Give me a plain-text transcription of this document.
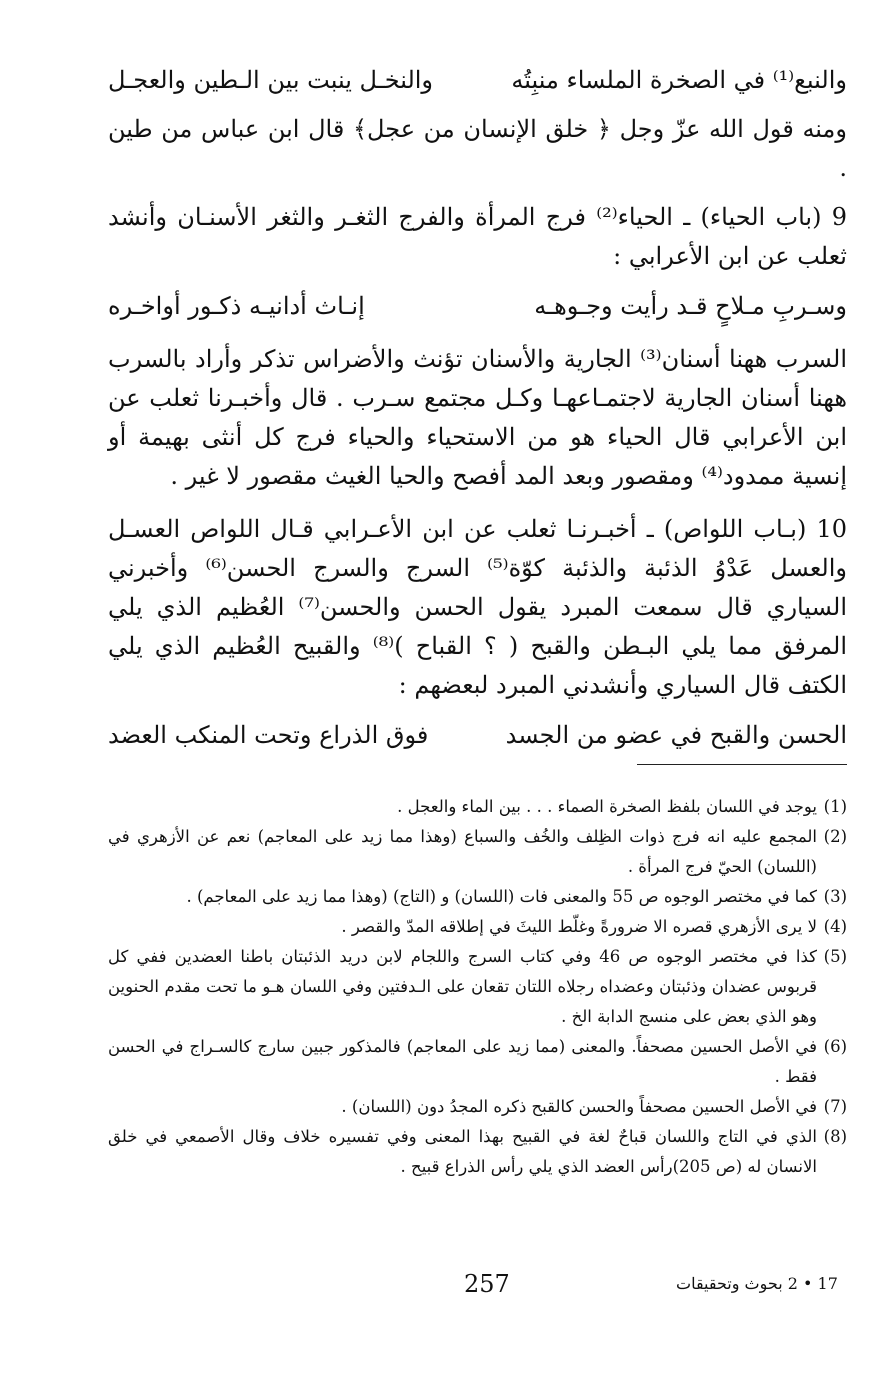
والنبع⁽¹⁾ في الصخرة الملساء منبِتُه
والنخـل ينبت بين الـطين والعجـل

ومنه قول الله عزّ وجل ﴿ خلق الإنسان من عجل﴾ قال ابن عباس من طين .

9 (باب الحياء) ـ الحياء⁽²⁾ فرج المرأة والفرج الثغـر والثغر الأسنـان وأنشد ثعلب عن ابن الأعرابي :

وسـربِ مـلاحٍ قـد رأيت وجـوهـه
إنـاث أدانيـه ذكـور أواخـره

السرب ههنا أسنان⁽³⁾ الجارية والأسنان تؤنث والأضراس تذكر وأراد بالسرب ههنا أسنان الجارية لاجتمـاعهـا وكـل مجتمع سـرب . قال وأخبـرنا ثعلب عن ابن الأعرابي قال الحياء هو من الاستحياء والحياء فرج كل أنثى بهيمة أو إنسية ممدود⁽⁴⁾ ومقصور وبعد المد أفصح والحيا الغيث مقصور لا غير .

10 (بـاب اللواص) ـ أخبـرنـا ثعلب عن ابن الأعـرابي قـال اللواص العسـل والعسل عَدْوُ الذئبة والذئبة كوّة⁽⁵⁾ السرج والسرج الحسن⁽⁶⁾ وأخبرني السياري قال سمعت المبرد يقول الحسن والحسن⁽⁷⁾ العُظيم الذي يلي المرفق مما يلي البـطن والقبح ( ؟ القباح )⁽⁸⁾ والقبيح العُظيم الذي يلي الكتف قال السياري وأنشدني المبرد لبعضهم :

الحسن والقبح في عضو من الجسد
فوق الذراع وتحت المنكب العضد
(1)
يوجد في اللسان بلفظ الصخرة الصماء . . . بين الماء والعجل .
(2)
المجمع عليه انه فرج ذوات الظِلف والخُف والسباع (وهذا مما زيد على المعاجم) نعم عن الأزهري في (اللسان) الحيّ فرج المرأة .
(3)
كما في مختصر الوجوه ص 55 والمعنى فات (اللسان) و (التاج) (وهذا مما زيد على المعاجم) .
(4)
لا يرى الأزهري قصره الا ضرورةً وغلّط الليثَ في إطلاقه المدّ والقصر .
(5)
كذا في مختصر الوجوه ص 46 وفي كتاب السرج واللجام لابن دريد الذئبتان باطنا العضدين ففي كل قربوس عضدان وذئبتان وعضداه رجلاه اللتان تقعان على الـدفتين وفي اللسان هـو ما تحت مقدم الحنوين وهو الذي بعض على منسج الدابة الخ .
(6)
في الأصل الحسين مصحفاً. والمعنى (مما زيد على المعاجم) فالمذكور جبين سارج كالسـراج في الحسن فقط .
(7)
في الأصل الحسين مصحفاً والحسن كالقبح ذكره المجدُ دون (اللسان) .
(8)
الذي في التاج واللسان قباحٌ لغة في القبيح بهذا المعنى وفي تفسيره خلاف وقال الأصمعي في خلق الانسان له (ص 205)رأس العضد الذي يلي رأس الذراع قبيح .
257	17 • 2 بحوث وتحقيقات
